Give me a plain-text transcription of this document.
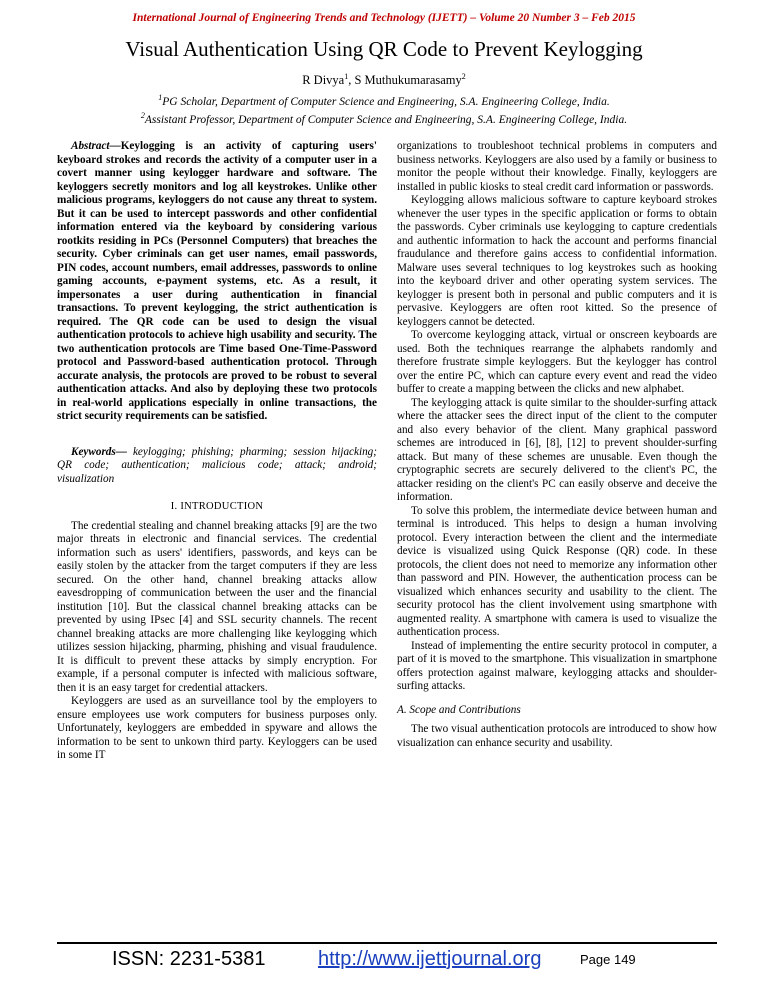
International Journal of Engineering Trends and Technology (IJETT) – Volume 20 Number 3 – Feb 2015
Visual Authentication Using QR Code to Prevent Keylogging
R Divya$^1$, S Muthukumarasamy$^2$
$^1$PG Scholar, Department of Computer Science and Engineering, S.A. Engineering College, India.
$^2$Assistant Professor, Department of Computer Science and Engineering, S.A. Engineering College, India.

Abstract—Keylogging is an activity of capturing users' keyboard strokes and records the activity of a computer user in a covert manner using keylogger hardware and software. The keyloggers secretly monitors and log all keystrokes. Unlike other malicious programs, keyloggers do not cause any threat to system. But it can be used to intercept passwords and other confidential information entered via the keyboard by considering various rootkits residing in PCs (Personnel Computers) that breaches the security. Cyber criminals can get user names, email passwords, PIN codes, account numbers, email addresses, passwords to online gaming accounts, e-payment systems, etc. As a result, it impersonates a user during authentication in financial transactions. To prevent keylogging, the strict authentication is required. The QR code can be used to design the visual authentication protocols to achieve high usability and security. The two authentication protocols are Time based One-Time-Password protocol and Password-based authentication protocol. Through accurate analysis, the protocols are proved to be robust to several authentication attacks. And also by deploying these two protocols in real-world applications especially in online transactions, the strict security requirements can be satisfied.

Keywords— keylogging; phishing; pharming; session hijacking; QR code; authentication; malicious code; attack; android; visualization

I. INTRODUCTION

The credential stealing and channel breaking attacks [9] are the two major threats in electronic and financial services. The credential information such as users' identifiers, passwords, and keys can be easily stolen by the attacker from the target computers if they are less secured. On the other hand, channel breaking attacks allow eavesdropping of communication between the user and the financial institution [10]. But the classical channel breaking attacks can be prevented by using IPsec [4] and SSL security channels. The recent channel breaking attacks are more challenging like keylogging which utilizes session hijacking, pharming, phishing and visual fraudulence. It is difficult to prevent these attacks by simply encryption. For example, if a personal computer is infected with malicious software, then it is an easy target for credential attackers.

Keyloggers are used as an surveillance tool by the employers to ensure employees use work computers for business purposes only. Unfortunately, keyloggers are embedded in spyware and allows the information to be sent to unkown third party. Keyloggers can be used in some IT

organizations to troubleshoot technical problems in computers and business networks. Keyloggers are also used by a family or business to monitor the people without their knowledge. Finally, keyloggers are installed in public kiosks to steal credit card information or passwords.

Keylogging allows malicious software to capture keyboard strokes whenever the user types in the specific application or forms to obtain the passwords. Cyber criminals use keylogging to capture credentials and authentic information to hack the account and performs financial fraudulance and therefore gains access to confidential information. Malware uses several techniques to log keystrokes such as hooking into the keyboard driver and other operating system services. The keylogger is present both in personal and public computers and it is pervasive. Keyloggers are often root kitted. So the presence of keyloggers cannot be detected.

To overcome keylogging attack, virtual or onscreen keyboards are used. Both the techniques rearrange the alphabets randomly and therefore frustrate simple keyloggers. But the keylogger has control over the entire PC, which can capture every event and read the video buffer to create a mapping between the clicks and new alphabet.

The keylogging attack is quite similar to the shoulder-surfing attack where the attacker sees the direct input of the client to the computer and also every behavior of the client. Many graphical password schemes are introduced in [6], [8], [12] to prevent shoulder-surfing attack. But many of these schemes are unusable. Even though the cryptographic secrets are securely delivered to the client's PC, the attacker residing on the client's PC can easily observe and deceive the information.

To solve this problem, the intermediate device between human and terminal is introduced. This helps to design a human involving protocol. Every interaction between the client and the intermediate device is visualized using Quick Response (QR) code. In these protocols, the client does not need to memorize any information other than password and PIN. However, the authentication process can be visualized which enhances security and usability to the client. The security protocol has the client involvement using smartphone with augmented reality. A smartphone with camera is used to visualize the authentication process.

Instead of implementing the entire security protocol in computer, a part of it is moved to the smartphone. This visualization in smartphone offers protection against malware, keylogging attacks and shoulder-surfing attacks.

A. Scope and Contributions

The two visual authentication protocols are introduced to show how visualization can enhance security and usability.

ISSN: 2231-5381	http://www.ijettjournal.org	Page 149
